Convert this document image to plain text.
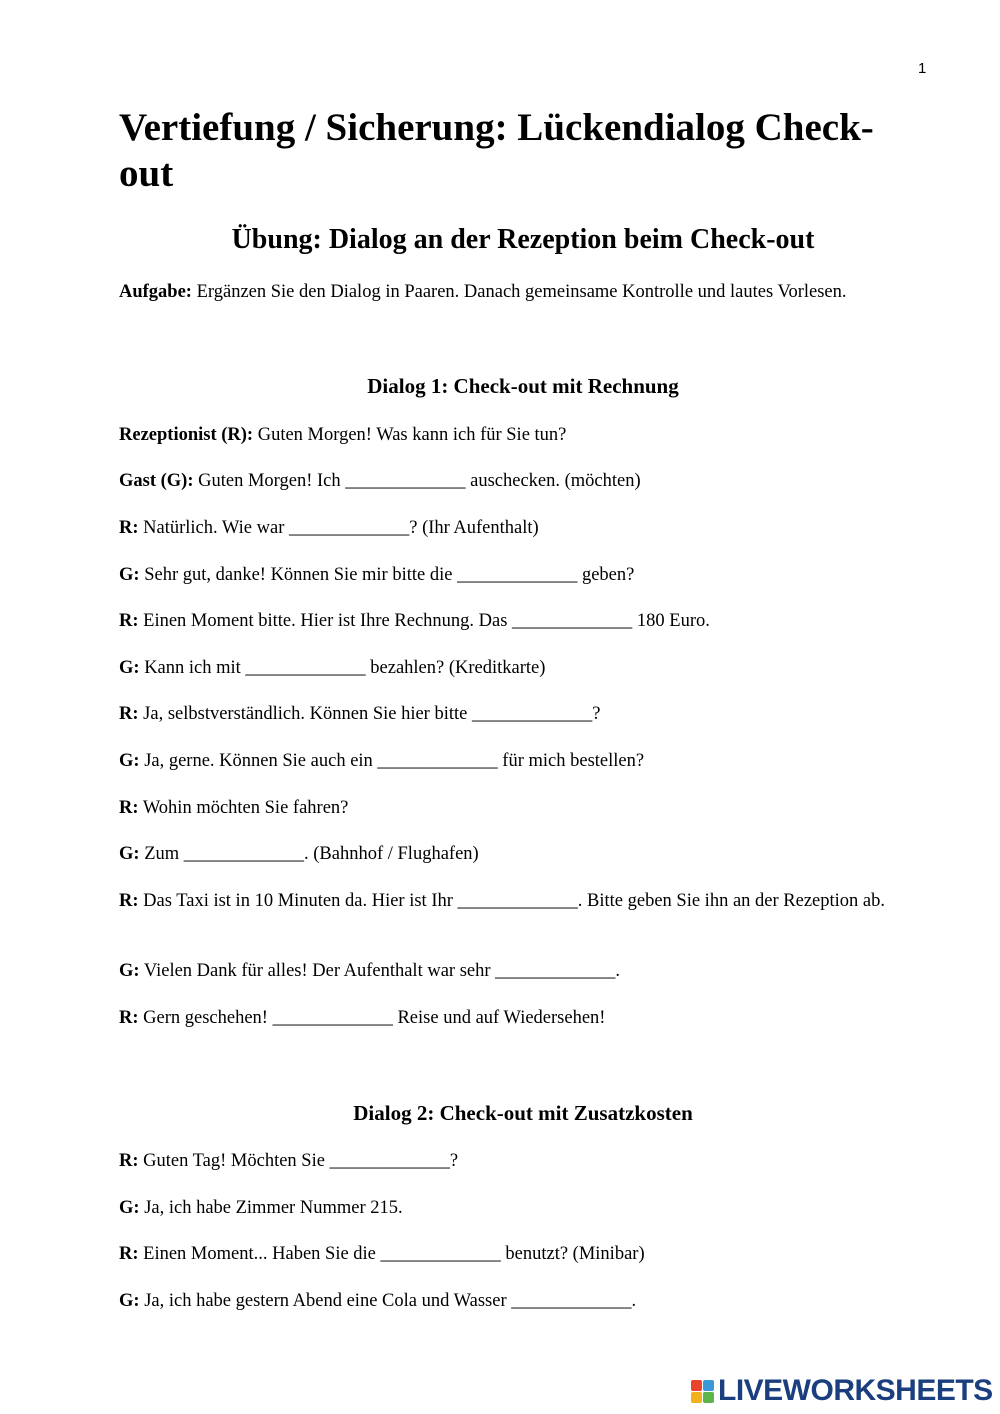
1
Vertiefung / Sicherung: Lückendialog Check-out
Übung: Dialog an der Rezeption beim Check-out
Aufgabe: Ergänzen Sie den Dialog in Paaren. Danach gemeinsame Kontrolle und lautes Vorlesen.
Dialog 1: Check-out mit Rechnung
Rezeptionist (R): Guten Morgen! Was kann ich für Sie tun?
Gast (G): Guten Morgen! Ich _____________ auschecken. (möchten)
R: Natürlich. Wie war _____________? (Ihr Aufenthalt)
G: Sehr gut, danke! Können Sie mir bitte die _____________ geben?
R: Einen Moment bitte. Hier ist Ihre Rechnung. Das _____________ 180 Euro.
G: Kann ich mit _____________ bezahlen? (Kreditkarte)
R: Ja, selbstverständlich. Können Sie hier bitte _____________?
G: Ja, gerne. Können Sie auch ein _____________ für mich bestellen?
R: Wohin möchten Sie fahren?
G: Zum _____________. (Bahnhof / Flughafen)
R: Das Taxi ist in 10 Minuten da. Hier ist Ihr _____________. Bitte geben Sie ihn an der Rezeption ab.
G: Vielen Dank für alles! Der Aufenthalt war sehr _____________.
R: Gern geschehen! _____________ Reise und auf Wiedersehen!
Dialog 2: Check-out mit Zusatzkosten
R: Guten Tag! Möchten Sie _____________?
G: Ja, ich habe Zimmer Nummer 215.
R: Einen Moment... Haben Sie die _____________ benutzt? (Minibar)
G: Ja, ich habe gestern Abend eine Cola und Wasser _____________.
LIVEWORKSHEETS
